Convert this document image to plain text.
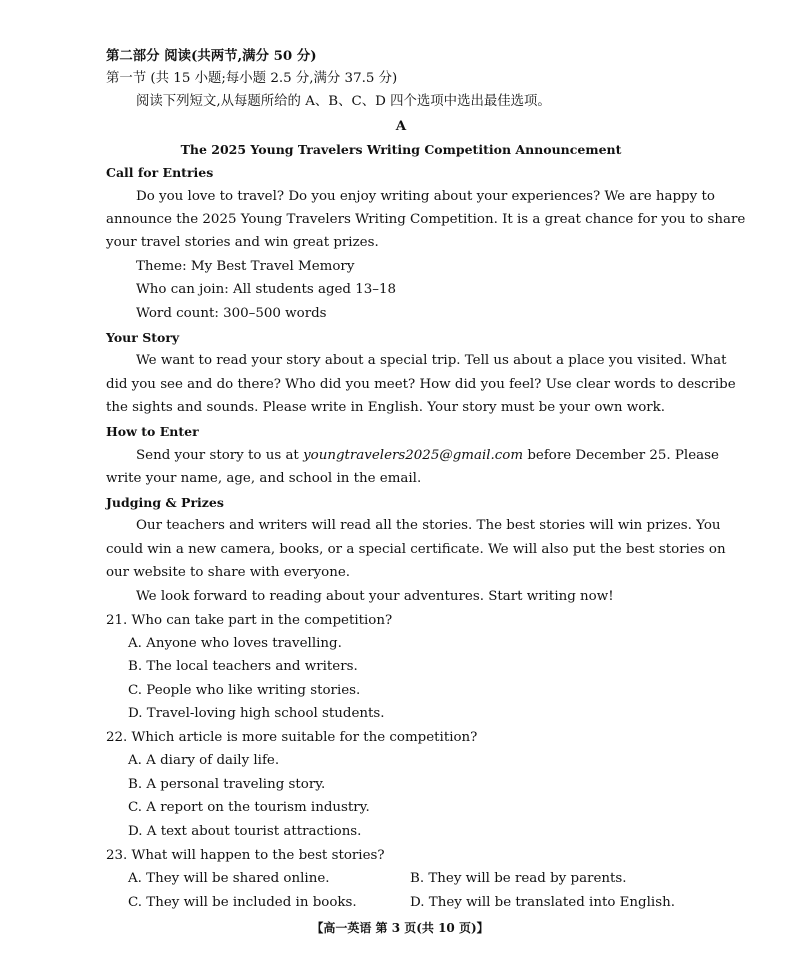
第二部分 阅读(共两节,满分 50 分)
第一节 (共 15 小题;每小题 2.5 分,满分 37.5 分)
阅读下列短文,从每题所给的 A、B、C、D 四个选项中选出最佳选项。
A
The 2025 Young Travelers Writing Competition Announcement
Call for Entries
Do you love to travel? Do you enjoy writing about your experiences? We are happy to
announce the 2025 Young Travelers Writing Competition. It is a great chance for you to share
your travel stories and win great prizes.
Theme: My Best Travel Memory
Who can join: All students aged 13–18
Word count: 300–500 words
Your Story
We want to read your story about a special trip. Tell us about a place you visited. What
did you see and do there? Who did you meet? How did you feel? Use clear words to describe
the sights and sounds. Please write in English. Your story must be your own work.
How to Enter
Send your story to us at youngtravelers2025@gmail.com before December 25. Please
write your name, age, and school in the email.
Judging & Prizes
Our teachers and writers will read all the stories. The best stories will win prizes. You
could win a new camera, books, or a special certificate. We will also put the best stories on
our website to share with everyone.
We look forward to reading about your adventures. Start writing now!
21. Who can take part in the competition?
A. Anyone who loves travelling.
B. The local teachers and writers.
C. People who like writing stories.
D. Travel-loving high school students.
22. Which article is more suitable for the competition?
A. A diary of daily life.
B. A personal traveling story.
C. A report on the tourism industry.
D. A text about tourist attractions.
23. What will happen to the best stories?
A. They will be shared online.	B. They will be read by parents.
C. They will be included in books.	D. They will be translated into English.
【高一英语 第 3 页(共 10 页)】
